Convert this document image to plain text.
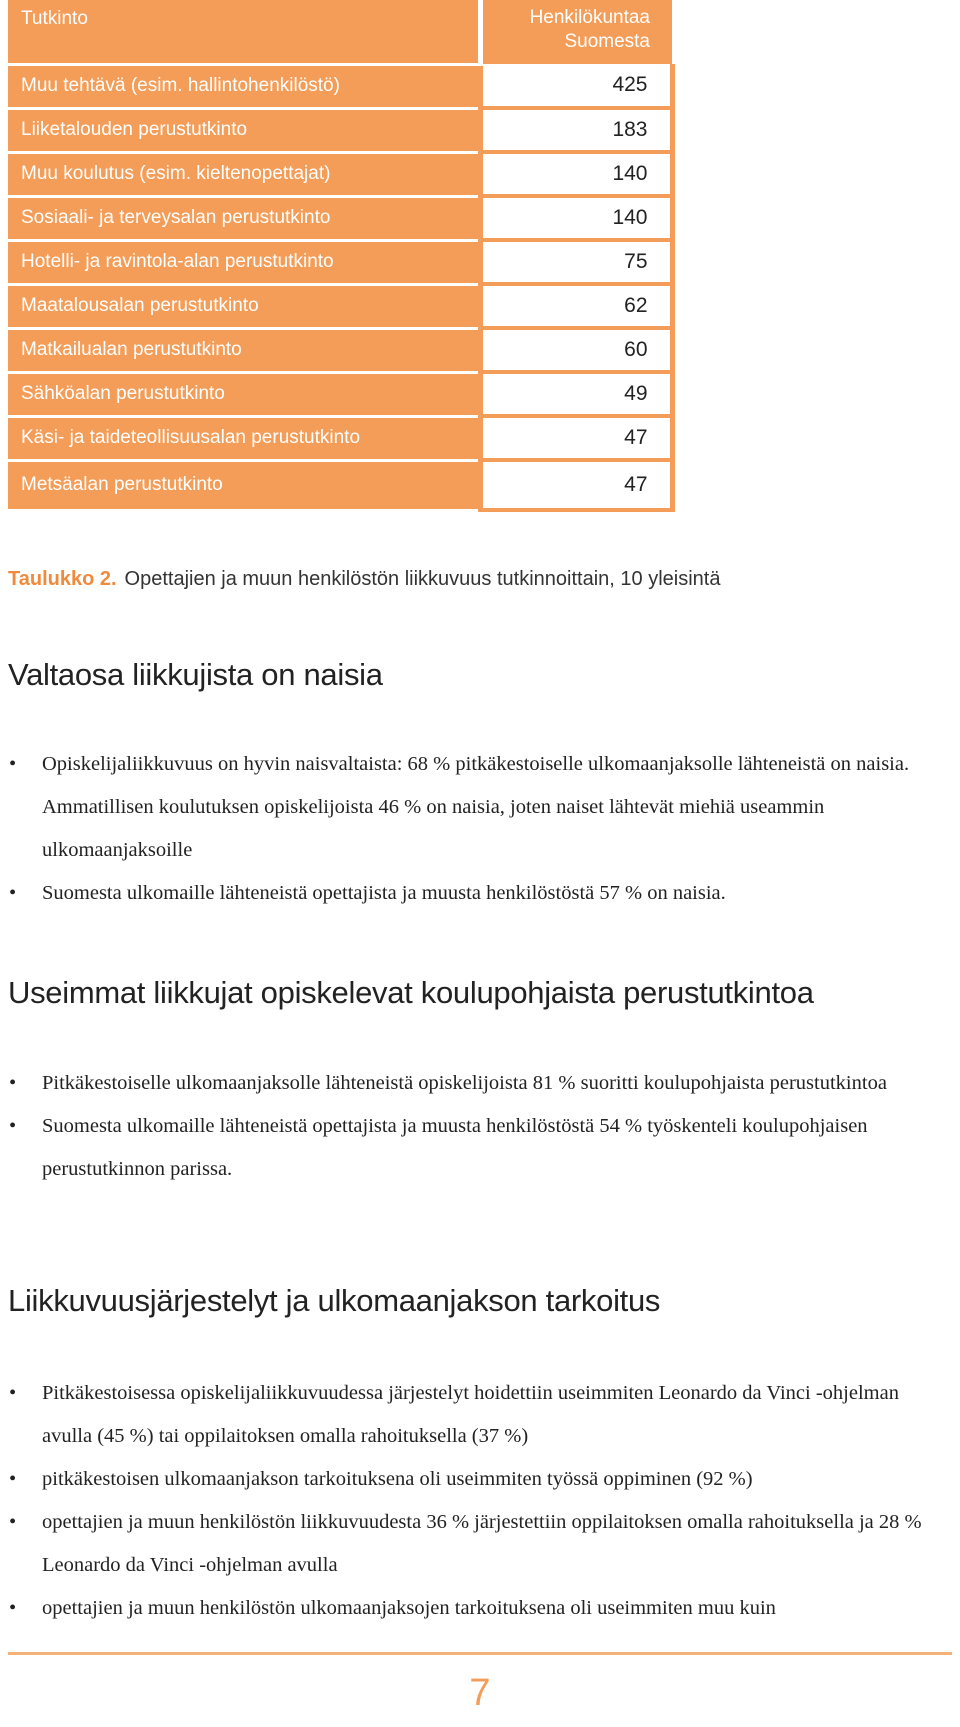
Tutkinto	Henkilökuntaa
Suomesta
Muu tehtävä (esim. hallintohenkilöstö)	425
Liiketalouden perustutkinto	183
Muu koulutus (esim. kieltenopettajat)	140
Sosiaali- ja terveysalan perustutkinto	140
Hotelli- ja ravintola-alan perustutkinto	75
Maatalousalan perustutkinto	62
Matkailualan perustutkinto	60
Sähköalan perustutkinto	49
Käsi- ja taideteollisuusalan perustutkinto	47
Metsäalan perustutkinto	47

Taulukko 2. Opettajien ja muun henkilöstön liikkuvuus tutkinnoittain, 10 yleisintä

Valtaosa liikkujista on naisia
• Opiskelijaliikkuvuus on hyvin naisvaltaista: 68 % pitkäkestoiselle ulkomaanjaksolle lähteneistä on naisia. Ammatillisen koulutuksen opiskelijoista 46 % on naisia, joten naiset lähtevät miehiä useammin ulkomaanjaksoille
• Suomesta ulkomaille lähteneistä opettajista ja muusta henkilöstöstä 57 % on naisia.
Useimmat liikkujat opiskelevat koulupohjaista perustutkintoa
• Pitkäkestoiselle ulkomaanjaksolle lähteneistä opiskelijoista 81 % suoritti koulupohjaista perustutkintoa
• Suomesta ulkomaille lähteneistä opettajista ja muusta henkilöstöstä 54 % työskenteli koulupohjaisen perustutkinnon parissa.
Liikkuvuusjärjestelyt ja ulkomaanjakson tarkoitus
• Pitkäkestoisessa opiskelijaliikkuvuudessa järjestelyt hoidettiin useimmiten Leonardo da Vinci -ohjelman avulla (45 %) tai oppilaitoksen omalla rahoituksella (37 %)
• pitkäkestoisen ulkomaanjakson tarkoituksena oli useimmiten työssä oppiminen (92 %)
• opettajien ja muun henkilöstön liikkuvuudesta 36 % järjestettiin oppilaitoksen omalla rahoituksella ja 28 % Leonardo da Vinci -ohjelman avulla
• opettajien ja muun henkilöstön ulkomaanjaksojen tarkoituksena oli useimmiten muu kuin
7
